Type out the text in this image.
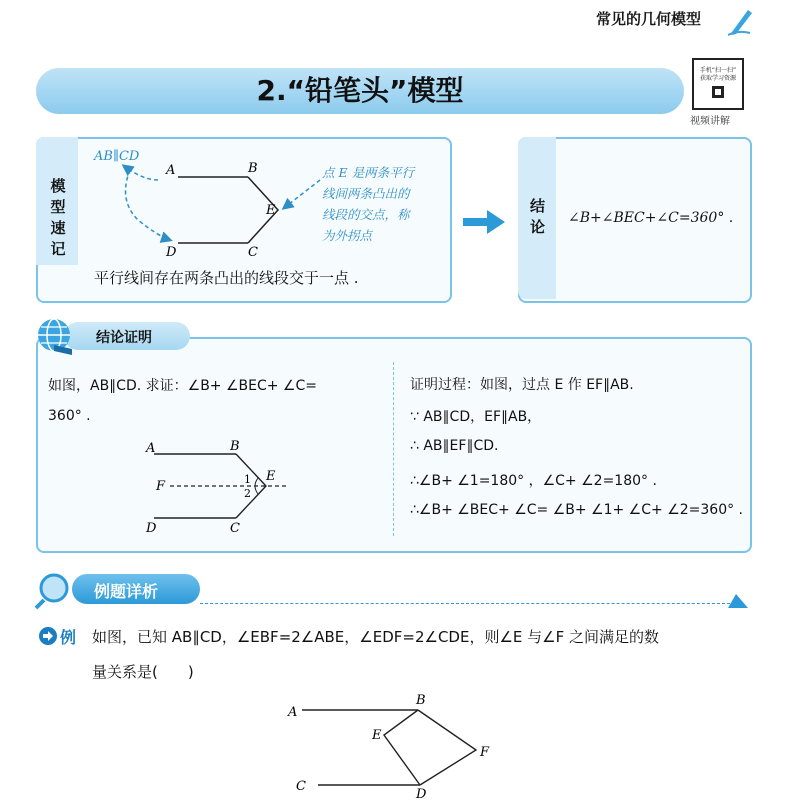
常见的几何模型
2.“铅笔头”模型
手机“扫一扫”
获取学习资源
视频讲解
模型速记
AB∥CD
A	B
E
D	C
点 E 是两条平行
线间两条凸出的
线段的交点，称
为外拐点
平行线间存在两条凸出的线段交于一点 .
结论	∠B+∠BEC+∠C=360° .
结论证明
如图，AB∥CD. 求证：∠B+ ∠BEC+ ∠C=
360° .
A	B
F
E
1
2
D	C
证明过程：如图，过点 E 作 EF∥AB.
∵ AB∥CD，EF∥AB，
∴ AB∥EF∥CD.
∴∠B+ ∠1=180° ，∠C+ ∠2=180° .
∴∠B+ ∠BEC+ ∠C= ∠B+ ∠1+ ∠C+ ∠2=360° .
例题详析
例 如图，已知 AB∥CD，∠EBF=2∠ABE，∠EDF=2∠CDE，则∠E 与∠F 之间满足的数
量关系是(　　)
A
B
E
F
C
D
